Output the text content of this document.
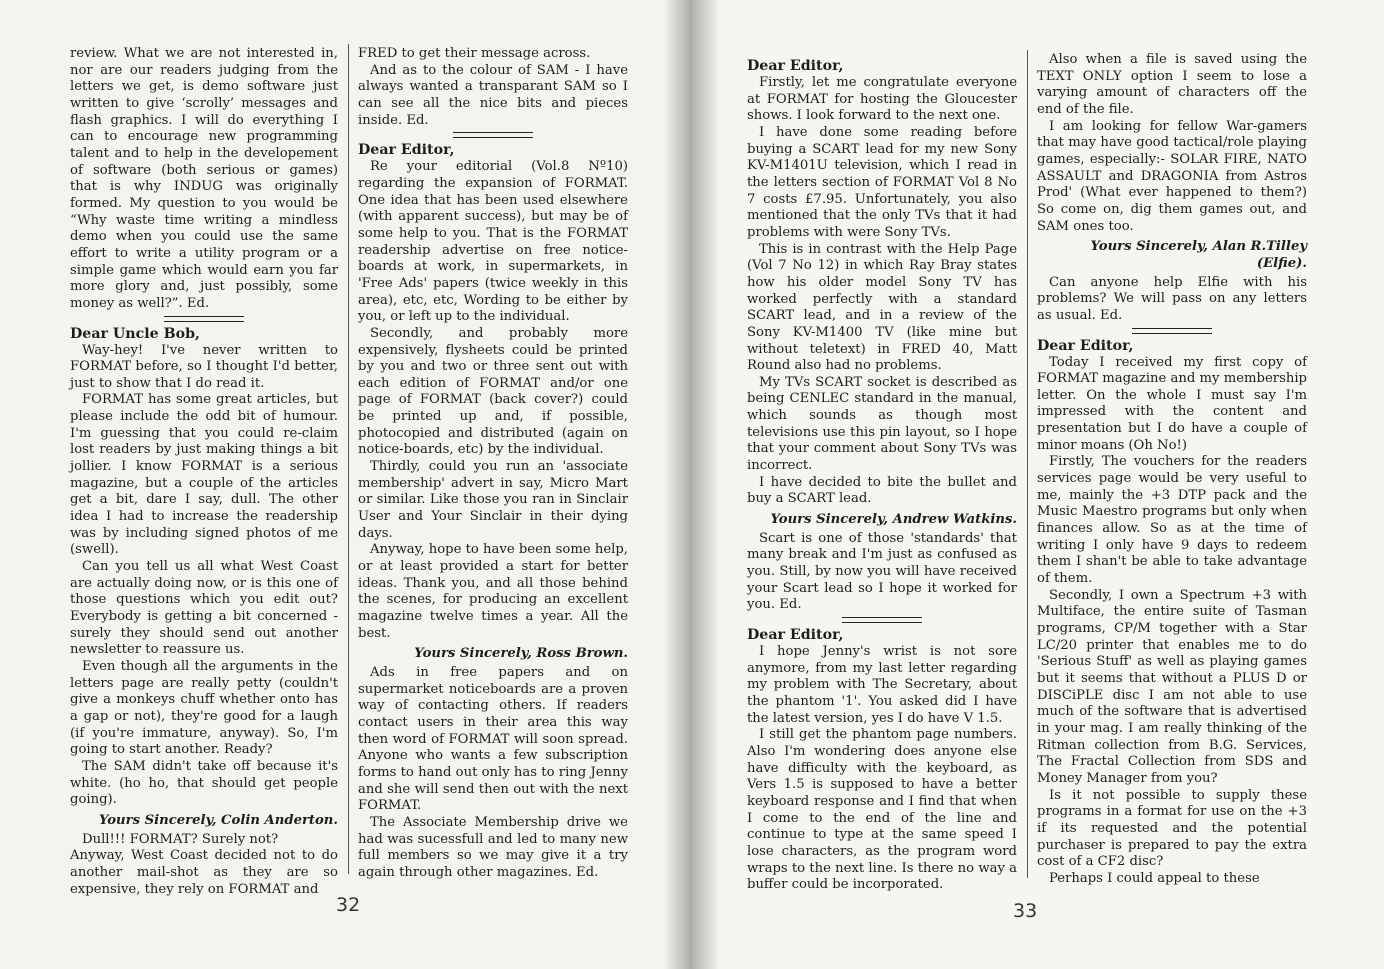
review. What we are not interested in, nor are our readers judging from the letters we get, is demo software just written to give ‘scrolly’ messages and flash graphics. I will do everything I can to encourage new programming talent and to help in the developement of software (both serious or games) that is why INDUG was originally formed. My question to you would be “Why waste time writing a mindless demo when you could use the same effort to write a utility program or a simple game which would earn you far more glory and, just possibly, some money as well?”. Ed.

Dear Uncle Bob,

Way-hey! I've never written to FORMAT before, so I thought I'd better, just to show that I do read it.

FORMAT has some great articles, but please include the odd bit of humour. I'm guessing that you could re-claim lost readers by just making things a bit jollier. I know FORMAT is a serious magazine, but a couple of the articles get a bit, dare I say, dull. The other idea I had to increase the readership was by including signed photos of me (swell).

Can you tell us all what West Coast are actually doing now, or is this one of those questions which you edit out? Everybody is getting a bit concerned - surely they should send out another newsletter to reassure us.

Even though all the arguments in the letters page are really petty (couldn't give a monkeys chuff whether onto has a gap or not), they're good for a laugh (if you're immature, anyway). So, I'm going to start another. Ready?

The SAM didn't take off because it's white. (ho ho, that should get people going).

Yours Sincerely, Colin Anderton.

Dull!!! FORMAT? Surely not?

Anyway, West Coast decided not to do another mail-shot as they are so expensive, they rely on FORMAT and

FRED to get their message across.

And as to the colour of SAM - I have always wanted a transparant SAM so I can see all the nice bits and pieces inside. Ed.

Dear Editor,

Re your editorial (Vol.8 Nº10) regarding the expansion of FORMAT. One idea that has been used elsewhere (with apparent success), but may be of some help to you. That is the FORMAT readership advertise on free notice-boards at work, in supermarkets, in 'Free Ads' papers (twice weekly in this area), etc, etc, Wording to be either by you, or left up to the individual.

Secondly, and probably more expensively, flysheets could be printed by you and two or three sent out with each edition of FORMAT and/or one page of FORMAT (back cover?) could be printed up and, if possible, photocopied and distributed (again on notice-boards, etc) by the individual.

Thirdly, could you run an 'associate membership' advert in say, Micro Mart or similar. Like those you ran in Sinclair User and Your Sinclair in their dying days.

Anyway, hope to have been some help, or at least provided a start for better ideas. Thank you, and all those behind the scenes, for producing an excellent magazine twelve times a year. All the best.

Yours Sincerely, Ross Brown.

Ads in free papers and on supermarket noticeboards are a proven way of contacting others. If readers contact users in their area this way then word of FORMAT will soon spread. Anyone who wants a few subscription forms to hand out only has to ring Jenny and she will send then out with the next FORMAT.

The Associate Membership drive we had was sucessfull and led to many new full members so we may give it a try again through other magazines. Ed.

32
Dear Editor,

Firstly, let me congratulate everyone at FORMAT for hosting the Gloucester shows. I look forward to the next one.

I have done some reading before buying a SCART lead for my new Sony KV-M1401U television, which I read in the letters section of FORMAT Vol 8 No 7 costs £7.95. Unfortunately, you also mentioned that the only TVs that it had problems with were Sony TVs.

This is in contrast with the Help Page (Vol 7 No 12) in which Ray Bray states how his older model Sony TV has worked perfectly with a standard SCART lead, and in a review of the Sony KV-M1400 TV (like mine but without teletext) in FRED 40, Matt Round also had no problems.

My TVs SCART socket is described as being CENLEC standard in the manual, which sounds as though most televisions use this pin layout, so I hope that your comment about Sony TVs was incorrect.

I have decided to bite the bullet and buy a SCART lead.

Yours Sincerely, Andrew Watkins.

Scart is one of those 'standards' that many break and I'm just as confused as you. Still, by now you will have received your Scart lead so I hope it worked for you. Ed.

Dear Editor,

I hope Jenny's wrist is not sore anymore, from my last letter regarding my problem with The Secretary, about the phantom '1'. You asked did I have the latest version, yes I do have V 1.5.

I still get the phantom page numbers. Also I'm wondering does anyone else have difficulty with the keyboard, as Vers 1.5 is supposed to have a better keyboard response and I find that when I come to the end of the line and continue to type at the same speed I lose characters, as the program word wraps to the next line. Is there no way a buffer could be incorporated.

Also when a file is saved using the TEXT ONLY option I seem to lose a varying amount of characters off the end of the file.

I am looking for fellow War-gamers that may have good tactical/role playing games, especially:- SOLAR FIRE, NATO ASSAULT and DRAGONIA from Astros Prod' (What ever happened to them?) So come on, dig them games out, and SAM ones too.

Yours Sincerely, Alan R.Tilley (Elfie).

Can anyone help Elfie with his problems? We will pass on any letters as usual. Ed.

Dear Editor,

Today I received my first copy of FORMAT magazine and my membership letter. On the whole I must say I'm impressed with the content and presentation but I do have a couple of minor moans (Oh No!)

Firstly, The vouchers for the readers services page would be very useful to me, mainly the +3 DTP pack and the Music Maestro programs but only when finances allow. So as at the time of writing I only have 9 days to redeem them I shan't be able to take advantage of them.

Secondly, I own a Spectrum +3 with Multiface, the entire suite of Tasman programs, CP/M together with a Star LC/20 printer that enables me to do 'Serious Stuff' as well as playing games but it seems that without a PLUS D or DISCiPLE disc I am not able to use much of the software that is advertised in your mag. I am really thinking of the Ritman collection from B.G. Services, The Fractal Collection from SDS and Money Manager from you?

Is it not possible to supply these programs in a format for use on the +3 if its requested and the potential purchaser is prepared to pay the extra cost of a CF2 disc?

Perhaps I could appeal to these

33
